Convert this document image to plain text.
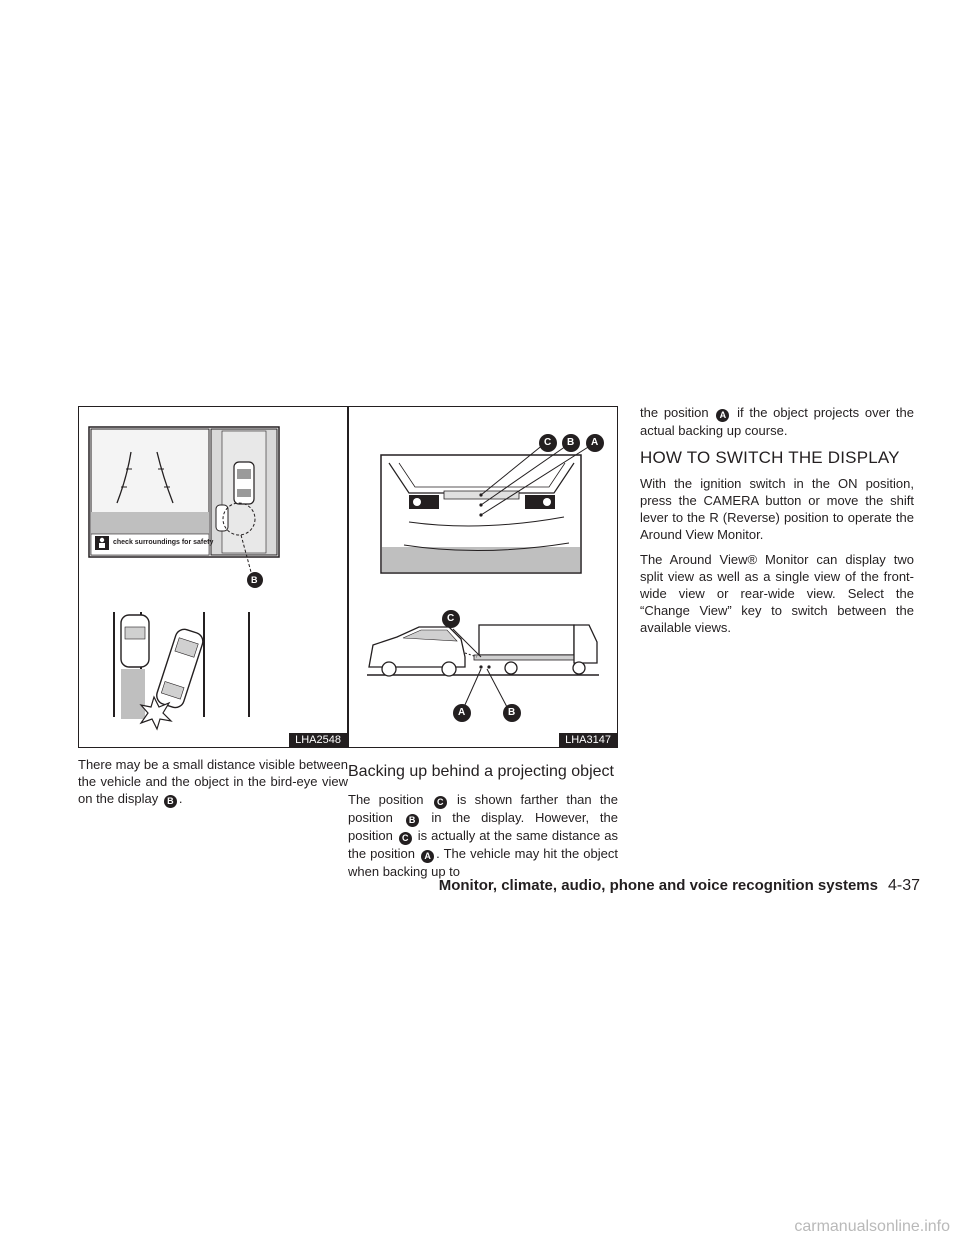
check surroundings for safety
B
LHA2548
C B A
C
A	B
LHA3147

There may be a small distance visible between the vehicle and the object in the bird-eye view on the display B .

Backing up behind a projecting object

The position C is shown farther than the position B in the display. However, the position C is actually at the same distance as the position A . The vehicle may hit the object when backing up to

the position A if the object projects over the actual backing up course.

HOW TO SWITCH THE DISPLAY

With the ignition switch in the ON position, press the CAMERA button or move the shift lever to the R (Reverse) position to operate the Around View Monitor.

The Around View® Monitor can display two split view as well as a single view of the front-wide view or rear-wide view. Select the “Change View” key to switch between the available views.

Monitor, climate, audio, phone and voice recognition systems 4-37
carmanualsonline.info
